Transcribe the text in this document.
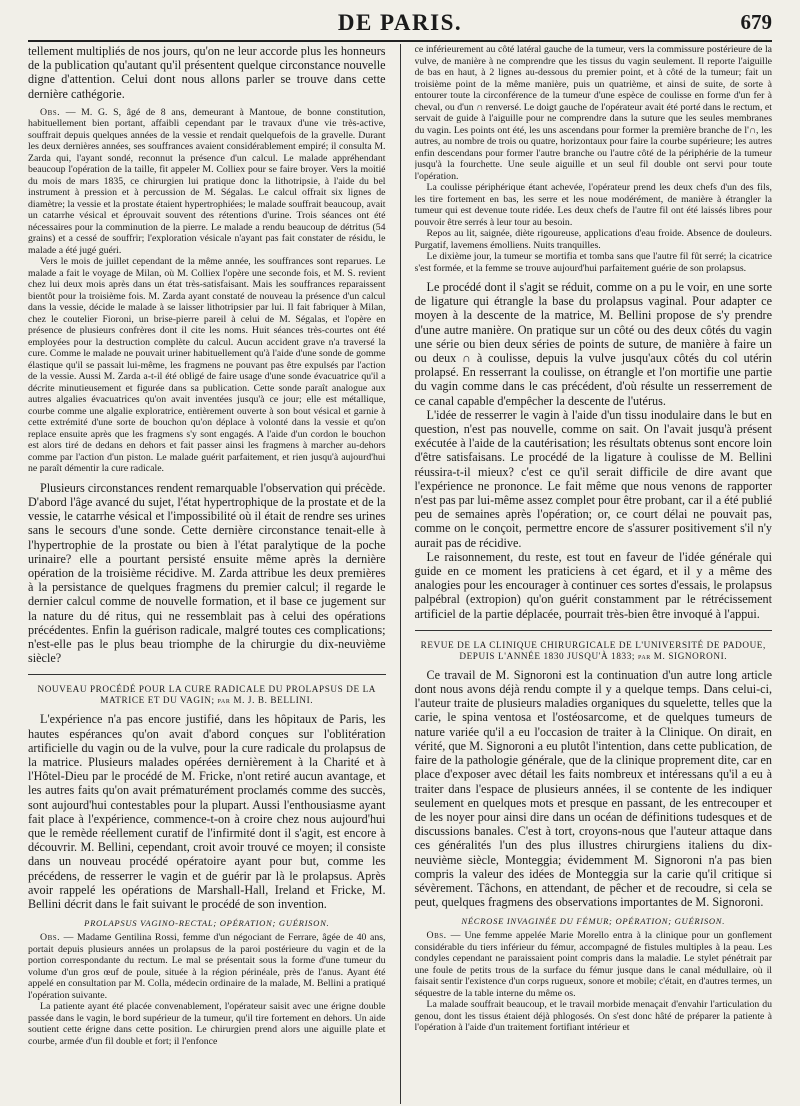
DE PARIS.	679

tellement multipliés de nos jours, qu'on ne leur accorde plus les honneurs de la publication qu'autant qu'il présentent quelque circonstance nouvelle digne d'attention. Celui dont nous allons parler se trouve dans cette dernière cathégorie.

Obs. — M. G. S, âgé de 8 ans, demeurant à Mantoue, de bonne constitution, habituellement bien portant, affaibli cependant par le travaux d'une vie très-active, souffrait depuis quelques années de la vessie et rendait quelquefois de la gravelle. Durant les deux dernières années, ses souffrances avaient considérablement empiré; il consulta M. Zarda qui, l'ayant sondé, reconnut la présence d'un calcul. Le malade appréhendant beaucoup l'opération de la taille, fit appeler M. Colliex pour se faire broyer. Vers la moitié du mois de mars 1835, ce chirurgien lui pratique donc la lithotripsie, à l'aide du bel instrument à pression et à percussion de M. Ségalas. Le calcul offrait six lignes de diamètre; la vessie et la prostate étaient hypertrophiées; le malade souffrait beaucoup, avait un catarrhe vésical et éprouvait souvent des rétentions d'urine. Trois séances ont été nécessaires pour la comminution de la pierre. Le malade a rendu beaucoup de détritus (54 grains) et a cessé de souffrir; l'exploration vésicale n'ayant pas fait constater de résidu, le malade a été jugé guéri.

Vers le mois de juillet cependant de la même année, les souffrances sont reparues. Le malade a fait le voyage de Milan, où M. Colliex l'opère une seconde fois, et M. S. revient chez lui deux mois après dans un état très-satisfaisant. Mais les souffrances reparaissent bientôt pour la troisième fois. M. Zarda ayant constaté de nouveau la présence d'un calcul dans la vessie, décide le malade à se laisser lithotripsier par lui. Il fait fabriquer à Milan, chez le coutelier Fioroni, un brise-pierre pareil à celui de M. Ségalas, et l'opère en présence de plusieurs confrères dont il cite les noms. Huit séances très-courtes ont été employées pour la destruction complète du calcul. Aucun accident grave n'a traversé la cure. Comme le malade ne pouvait uriner habituellement qu'à l'aide d'une sonde de gomme élastique qu'il se passait lui-même, les fragmens ne pouvant pas être expulsés par l'action de la vessie. Aussi M. Zarda a-t-il été obligé de faire usage d'une sonde évacuatrice qu'il a décrite minutieusement et figurée dans sa publication. Cette sonde paraît analogue aux autres algalies évacuatrices qu'on avait inventées jusqu'à ce jour; elle est métallique, courbe comme une algalie exploratrice, entièrement ouverte à son bout vésical et garnie à cette extrémité d'une sorte de bouchon qu'on déplace à volonté dans la vessie et qu'on replace ensuite après que les fragmens s'y sont engagés. A l'aide d'un cordon le bouchon est alors tiré de dedans en dehors et fait passer ainsi les fragmens à marcher au-dehors comme par l'action d'un piston. Le malade guérit parfaitement, et rien jusqu'à aujourd'hui ne paraît démentir la cure radicale.

Plusieurs circonstances rendent remarquable l'observation qui précède. D'abord l'âge avancé du sujet, l'état hypertrophique de la prostate et de la vessie, le catarrhe vésical et l'impossibilité où il était de rendre ses urines sans le secours d'une sonde. Cette dernière circonstance tenait-elle à l'hypertrophie de la prostate ou bien à l'état paralytique de la poche urinaire? elle a pourtant persisté ensuite même après la dernière opération de la troisième récidive. M. Zarda attribue les deux premières à la persistance de quelques fragmens du premier calcul; il regarde le dernier calcul comme de nouvelle formation, et il base ce jugement sur la nature du dé ritus, qui ne ressemblait pas à celui des opérations précédentes. Enfin la guérison radicale, malgré toutes ces complications; n'est-elle pas le plus beau triomphe de la chirurgie du dix-neuvième siècle?

NOUVEAU PROCÉDÉ POUR LA CURE RADICALE DU PROLAPSUS DE LA MATRICE ET DU VAGIN; par M. J. B. BELLINI.

L'expérience n'a pas encore justifié, dans les hôpitaux de Paris, les hautes espérances qu'on avait d'abord conçues sur l'oblitération artificielle du vagin ou de la vulve, pour la cure radicale du prolapsus de la matrice. Plusieurs malades opérées dernièrement à la Charité et à l'Hôtel-Dieu par le procédé de M. Fricke, n'ont retiré aucun avantage, et les autres faits qu'on avait prématurément proclamés comme des succès, sont aujourd'hui contestables pour la plupart. Aussi l'enthousiasme ayant fait place à l'expérience, commence-t-on à croire chez nous aujourd'hui que le remède réellement curatif de l'infirmité dont il s'agit, est encore à découvrir. M. Bellini, cependant, croit avoir trouvé ce moyen; il consiste dans un nouveau procédé opératoire ayant pour but, comme les précédens, de resserrer le vagin et de guérir par là le prolapsus. Après avoir rappelé les opérations de Marshall-Hall, Ireland et Fricke, M. Bellini décrit dans le fait suivant le procédé de son invention.

PROLAPSUS VAGINO-RECTAL; OPÉRATION; GUÉRISON.

Obs. — Madame Gentilina Rossi, femme d'un négociant de Ferrare, âgée de 40 ans, portait depuis plusieurs années un prolapsus de la paroi postérieure du vagin et de la portion correspondante du rectum. Le mal se présentait sous la forme d'une tumeur du volume d'un gros œuf de poule, située à la région périnéale, près de l'anus. Ayant été appelé en consultation par M. Colla, médecin ordinaire de la malade, M. Bellini a pratiqué l'opération suivante.

La patiente ayant été placée convenablement, l'opérateur saisit avec une érigne double passée dans le vagin, le bord supérieur de la tumeur, qu'il tire fortement en dehors. Un aide soutient cette érigne dans cette position. Le chirurgien prend alors une aiguille plate et courbe, armée d'un fil double et fort; il l'enfonce

ce inférieurement au côté latéral gauche de la tumeur, vers la commissure postérieure de la vulve, de manière à ne comprendre que les tissus du vagin seulement. Il reporte l'aiguille de bas en haut, à 2 lignes au-dessous du premier point, et à côté de la tumeur; fait un troisième point de la même manière, puis un quatrième, et ainsi de suite, de sorte à entourer toute la circonférence de la tumeur d'une espèce de coulisse en forme d'un fer à cheval, ou d'un ∩ renversé. Le doigt gauche de l'opérateur avait été porté dans le rectum, et servait de guide à l'aiguille pour ne comprendre dans la suture que les seules membranes du vagin. Les points ont été, les uns ascendans pour former la première branche de l'∩, les autres, au nombre de trois ou quatre, horizontaux pour faire la courbe supérieure; les autres enfin descendans pour former l'autre branche ou l'autre côté de la périphérie de la tumeur jusqu'à la fourchette. Une seule aiguille et un seul fil double ont servi pour toute l'opération.

La coulisse périphérique étant achevée, l'opérateur prend les deux chefs d'un des fils, les tire fortement en bas, les serre et les noue modérément, de manière à étrangler la tumeur qui est devenue toute ridée. Les deux chefs de l'autre fil ont été laissés libres pour pouvoir être serrés à leur tour au besoin.

Repos au lit, saignée, diète rigoureuse, applications d'eau froide. Absence de douleurs. Purgatif, lavemens émolliens. Nuits tranquilles.

Le dixième jour, la tumeur se mortifia et tomba sans que l'autre fil fût serré; la cicatrice s'est formée, et la femme se trouve aujourd'hui parfaitement guérie de son prolapsus.

Le procédé dont il s'agit se réduit, comme on a pu le voir, en une sorte de ligature qui étrangle la base du prolapsus vaginal. Pour adapter ce moyen à la descente de la matrice, M. Bellini propose de s'y prendre d'une autre manière. On pratique sur un côté ou des deux côtés du vagin une série ou bien deux séries de points de suture, de manière à faire un ou deux ∩ à coulisse, depuis la vulve jusqu'aux côtés du col utérin prolapsé. En resserrant la coulisse, on étrangle et l'on mortifie une partie du vagin comme dans le cas précédent, d'où résulte un resserrement de ce canal capable d'empêcher la descente de l'utérus.

L'idée de resserrer le vagin à l'aide d'un tissu inodulaire dans le but en question, n'est pas nouvelle, comme on sait. On l'avait jusqu'à présent exécutée à l'aide de la cautérisation; les résultats obtenus sont encore loin d'être satisfaisans. Le procédé de la ligature à coulisse de M. Bellini réussira-t-il mieux? c'est ce qu'il serait difficile de dire avant que l'expérience ne prononce. Le fait même que nous venons de rapporter n'est pas par lui-même assez complet pour être probant, car il a été publié peu de semaines après l'opération; or, ce court délai ne pouvait pas, comme on le conçoit, permettre encore de s'assurer positivement s'il n'y aurait pas de récidive.

Le raisonnement, du reste, est tout en faveur de l'idée générale qui guide en ce moment les praticiens à cet égard, et il y a même des analogies pour les encourager à continuer ces sortes d'essais, le prolapsus palpébral (extropion) qu'on guérit constamment par le rétrécissement artificiel de la partie déplacée, pourrait très-bien être invoqué à l'appui.

REVUE DE LA CLINIQUE CHIRURGICALE DE L'UNIVERSITÉ DE PADOUE, DEPUIS L'ANNÉE 1830 JUSQU'À 1833; par M. SIGNORONI.

Ce travail de M. Signoroni est la continuation d'un autre long article dont nous avons déjà rendu compte il y a quelque temps. Dans celui-ci, l'auteur traite de plusieurs maladies organiques du squelette, telles que la carie, le spina ventosa et l'ostéosarcome, et de quelques tumeurs de nature variée qu'il a eu l'occasion de traiter à la Clinique. On dirait, en vérité, que M. Signoroni a eu plutôt l'intention, dans cette publication, de faire de la pathologie générale, que de la clinique proprement dite, car en place d'exposer avec détail les faits nombreux et intéressans qu'il a eu à traiter dans l'espace de plusieurs années, il se contente de les indiquer seulement en quelques mots et presque en passant, de les entrecouper et de les noyer pour ainsi dire dans un océan de définitions tudesques et de discussions banales. C'est à tort, croyons-nous que l'auteur attaque dans ces généralités l'un des plus illustres chirurgiens italiens du dix-neuvième siècle, Monteggia; évidemment M. Signoroni n'a pas bien compris la valeur des idées de Monteggia sur la carie qu'il critique si sévèrement. Tâchons, en attendant, de pêcher et de recoudre, si cela se peut, quelques fragmens des observations importantes de M. Signoroni.

NÉCROSE INVAGINÉE DU FÉMUR; OPÉRATION; GUÉRISON.

Obs. — Une femme appelée Marie Morello entra à la clinique pour un gonflement considérable du tiers inférieur du fémur, accompagné de fistules multiples à la peau. Les condyles cependant ne paraissaient point compris dans la maladie. Le stylet pénétrait par une foule de petits trous de la surface du fémur jusque dans le canal médullaire, où il faisait sentir l'existence d'un corps rugueux, sonore et mobile; c'était, en d'autres termes, un séquestre de la table interne du même os.

La malade souffrait beaucoup, et le travail morbide menaçait d'envahir l'articulation du genou, dont les tissus étaient déjà phlogosés. On s'est donc hâté de préparer la patiente à l'opération à l'aide d'un traitement fortifiant intérieur et
